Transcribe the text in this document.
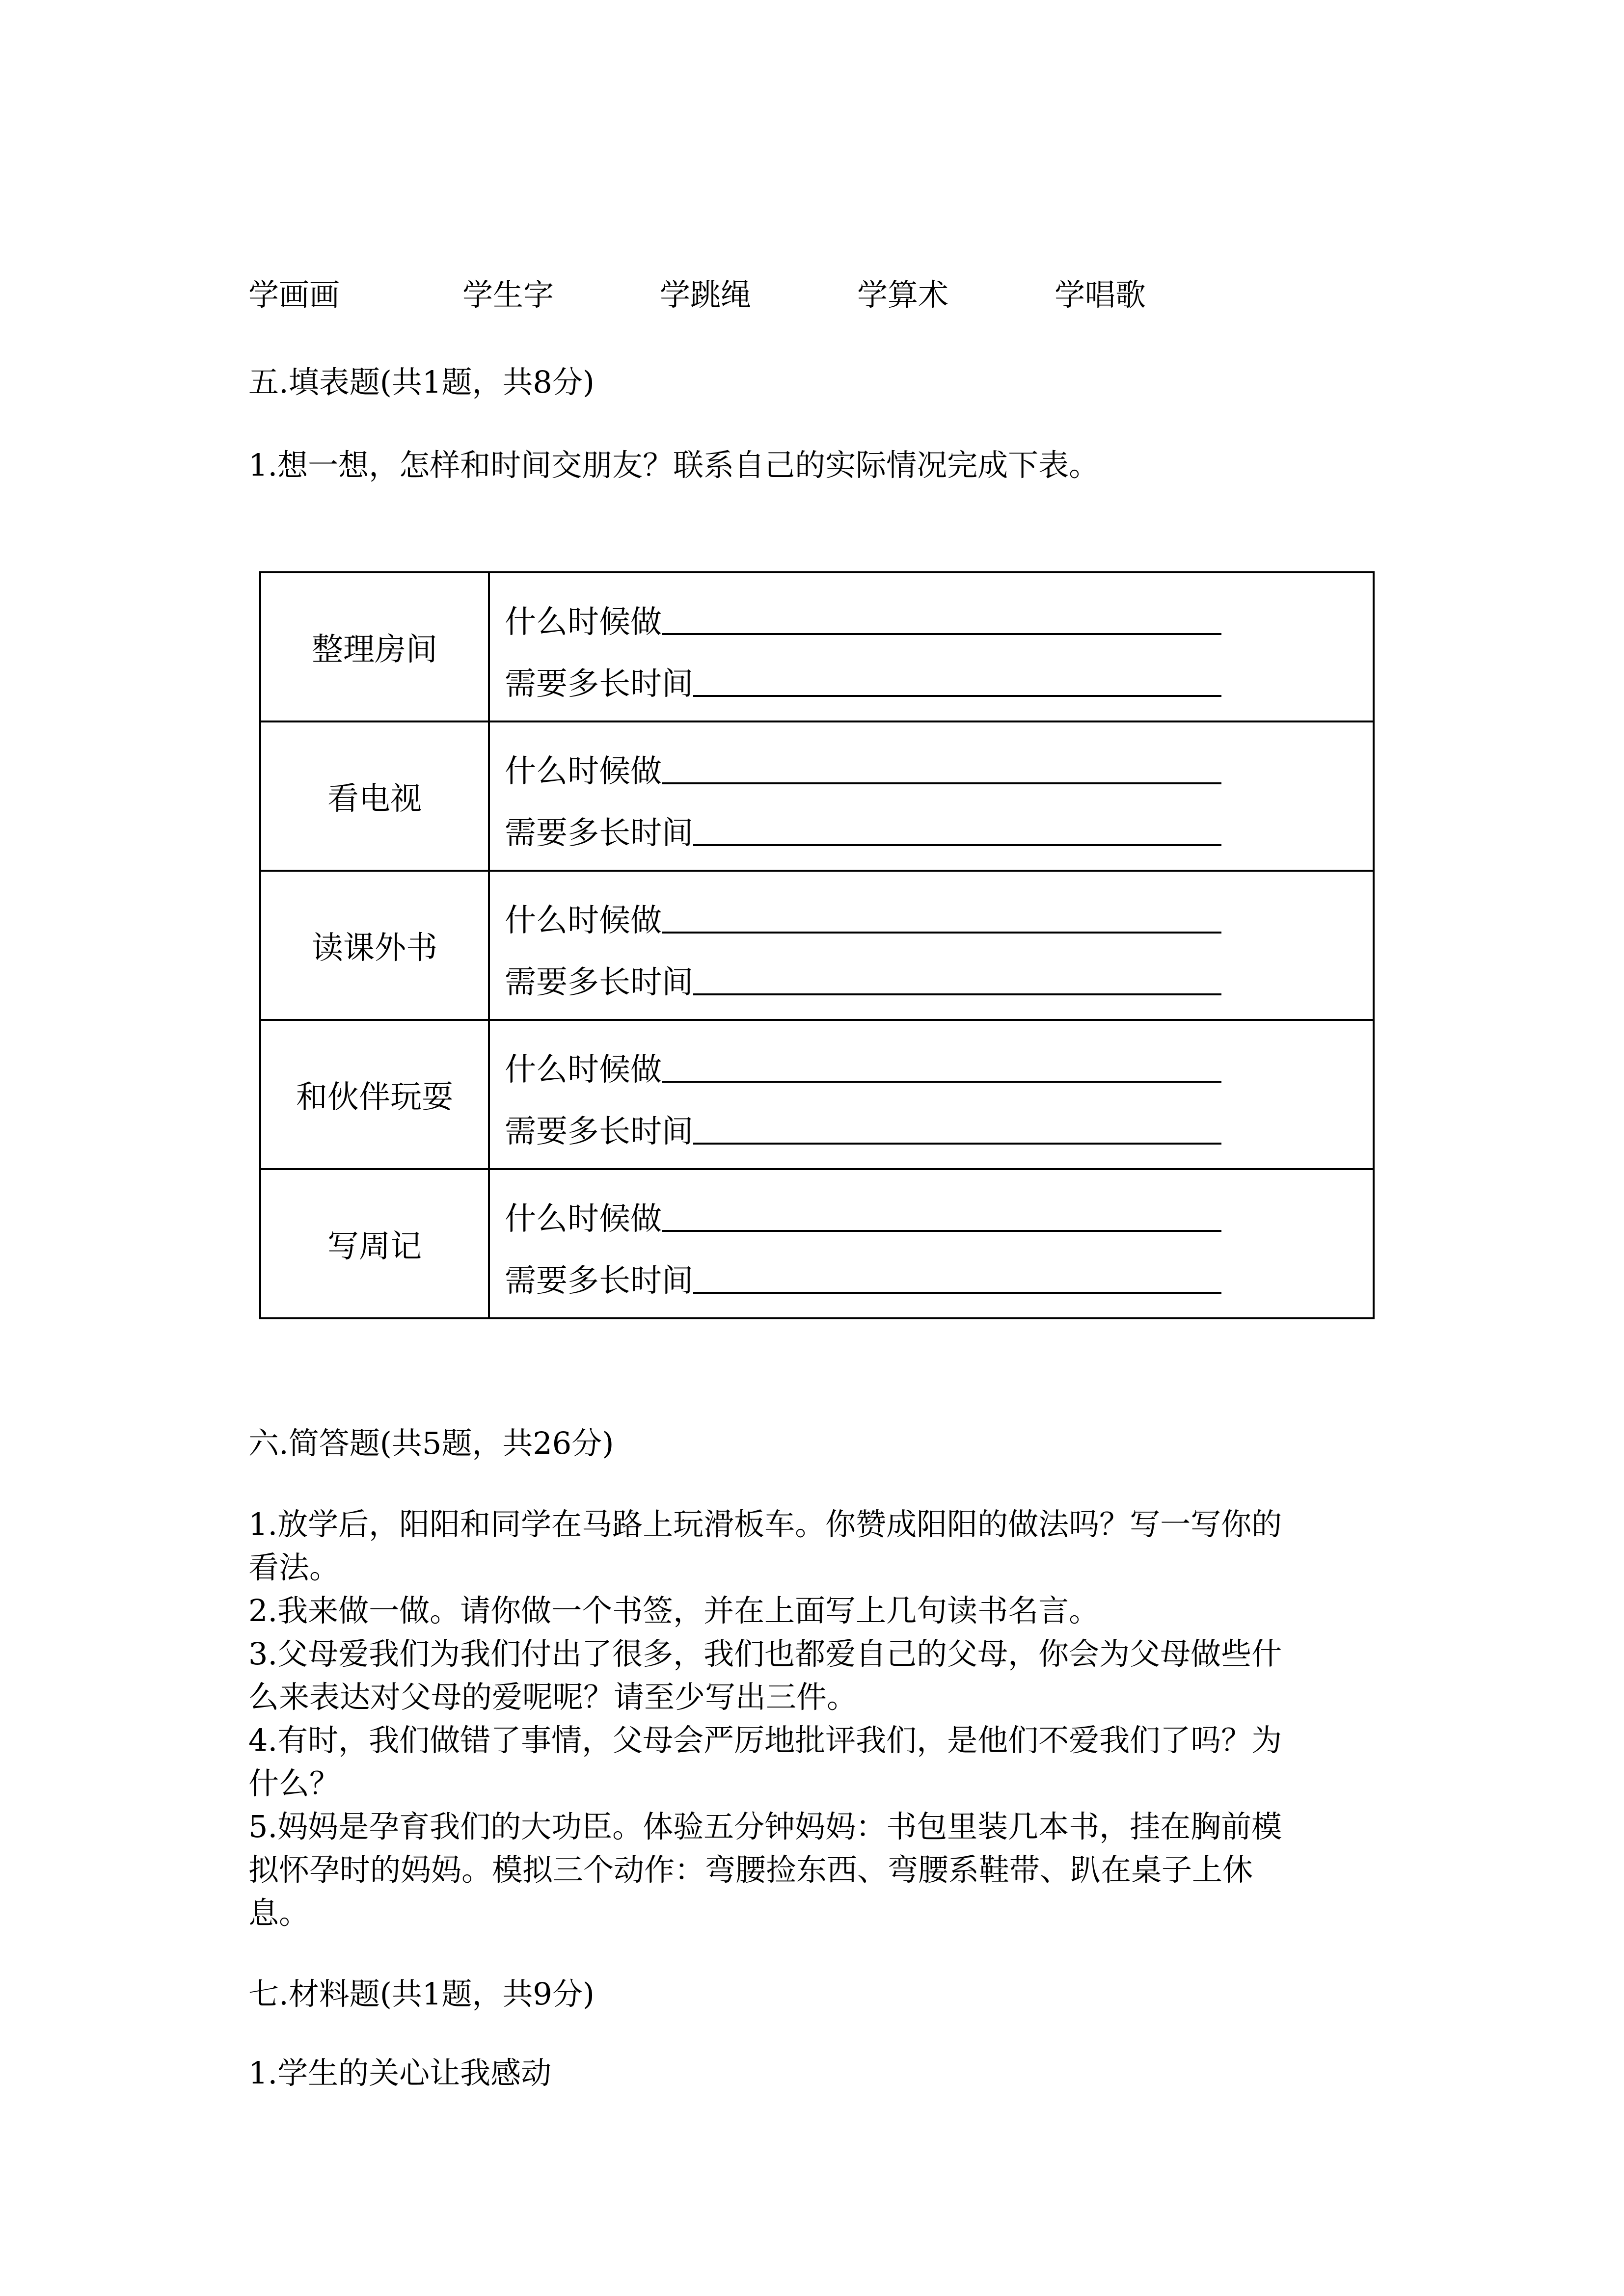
学画画	学生字	学跳绳	学算术	学唱歌
五.填表题(共1题，共8分)
1.想一想，怎样和时间交朋友？联系自己的实际情况完成下表。
整理房间	什么时候做
需要多长时间

看电视	什么时候做
需要多长时间

读课外书	什么时候做
需要多长时间

和伙伴玩耍	什么时候做
需要多长时间

写周记	什么时候做
需要多长时间
六.简答题(共5题，共26分)
1.放学后，阳阳和同学在马路上玩滑板车。你赞成阳阳的做法吗？写一写你的
看法。
2.我来做一做。请你做一个书签，并在上面写上几句读书名言。
3.父母爱我们为我们付出了很多，我们也都爱自己的父母，你会为父母做些什
么来表达对父母的爱呢呢？请至少写出三件。
4.有时，我们做错了事情，父母会严厉地批评我们，是他们不爱我们了吗？为
什么？
5.妈妈是孕育我们的大功臣。体验五分钟妈妈：书包里装几本书，挂在胸前模
拟怀孕时的妈妈。模拟三个动作：弯腰捡东西、弯腰系鞋带、趴在桌子上休
息。
七.材料题(共1题，共9分)
1.学生的关心让我感动
